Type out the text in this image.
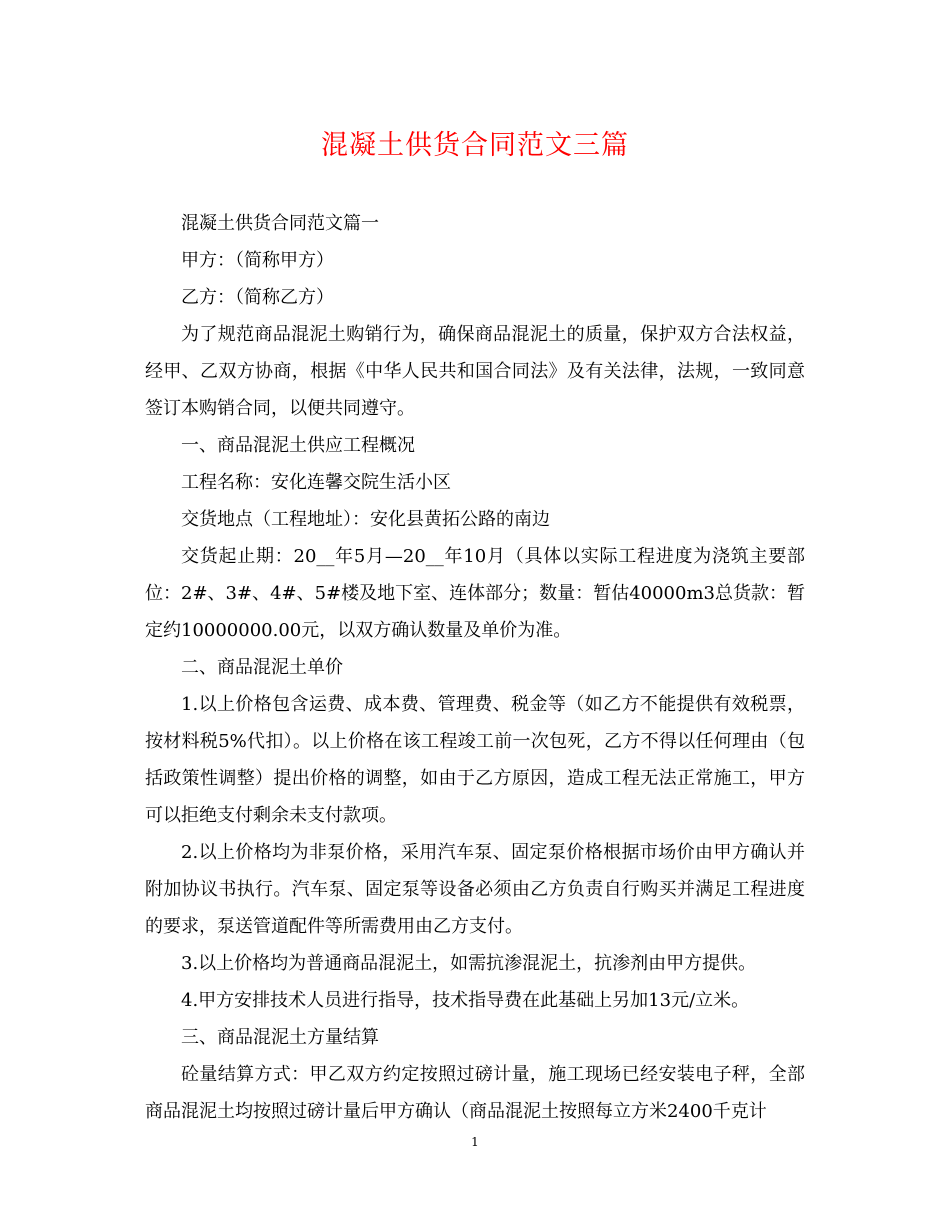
混凝土供货合同范文三篇

混凝土供货合同范文篇一

甲方：（简称甲方）

乙方：（简称乙方）

为了规范商品混泥土购销行为，确保商品混泥土的质量，保护双方合法权益，经甲、乙双方协商，根据《中华人民共和国合同法》及有关法律，法规，一致同意签订本购销合同，以便共同遵守。

一、商品混泥土供应工程概况

工程名称：安化连馨交院生活小区

交货地点（工程地址）：安化县黄拓公路的南边

交货起止期：20__年5月—20__年10月（具体以实际工程进度为浇筑主要部位：2#、3#、4#、5#楼及地下室、连体部分；数量：暂估40000m3总货款：暂定约10000000.00元，以双方确认数量及单价为准。

二、商品混泥土单价

1.以上价格包含运费、成本费、管理费、税金等（如乙方不能提供有效税票，按材料税5%代扣）。以上价格在该工程竣工前一次包死，乙方不得以任何理由（包括政策性调整）提出价格的调整，如由于乙方原因，造成工程无法正常施工，甲方可以拒绝支付剩余未支付款项。

2.以上价格均为非泵价格，采用汽车泵、固定泵价格根据市场价由甲方确认并附加协议书执行。汽车泵、固定泵等设备必须由乙方负责自行购买并满足工程进度的要求，泵送管道配件等所需费用由乙方支付。

3.以上价格均为普通商品混泥土，如需抗渗混泥土，抗渗剂由甲方提供。

4.甲方安排技术人员进行指导，技术指导费在此基础上另加13元/立米。

三、商品混泥土方量结算

砼量结算方式：甲乙双方约定按照过磅计量，施工现场已经安装电子秤，全部商品混泥土均按照过磅计量后甲方确认（商品混泥土按照每立方米2400千克计

1
